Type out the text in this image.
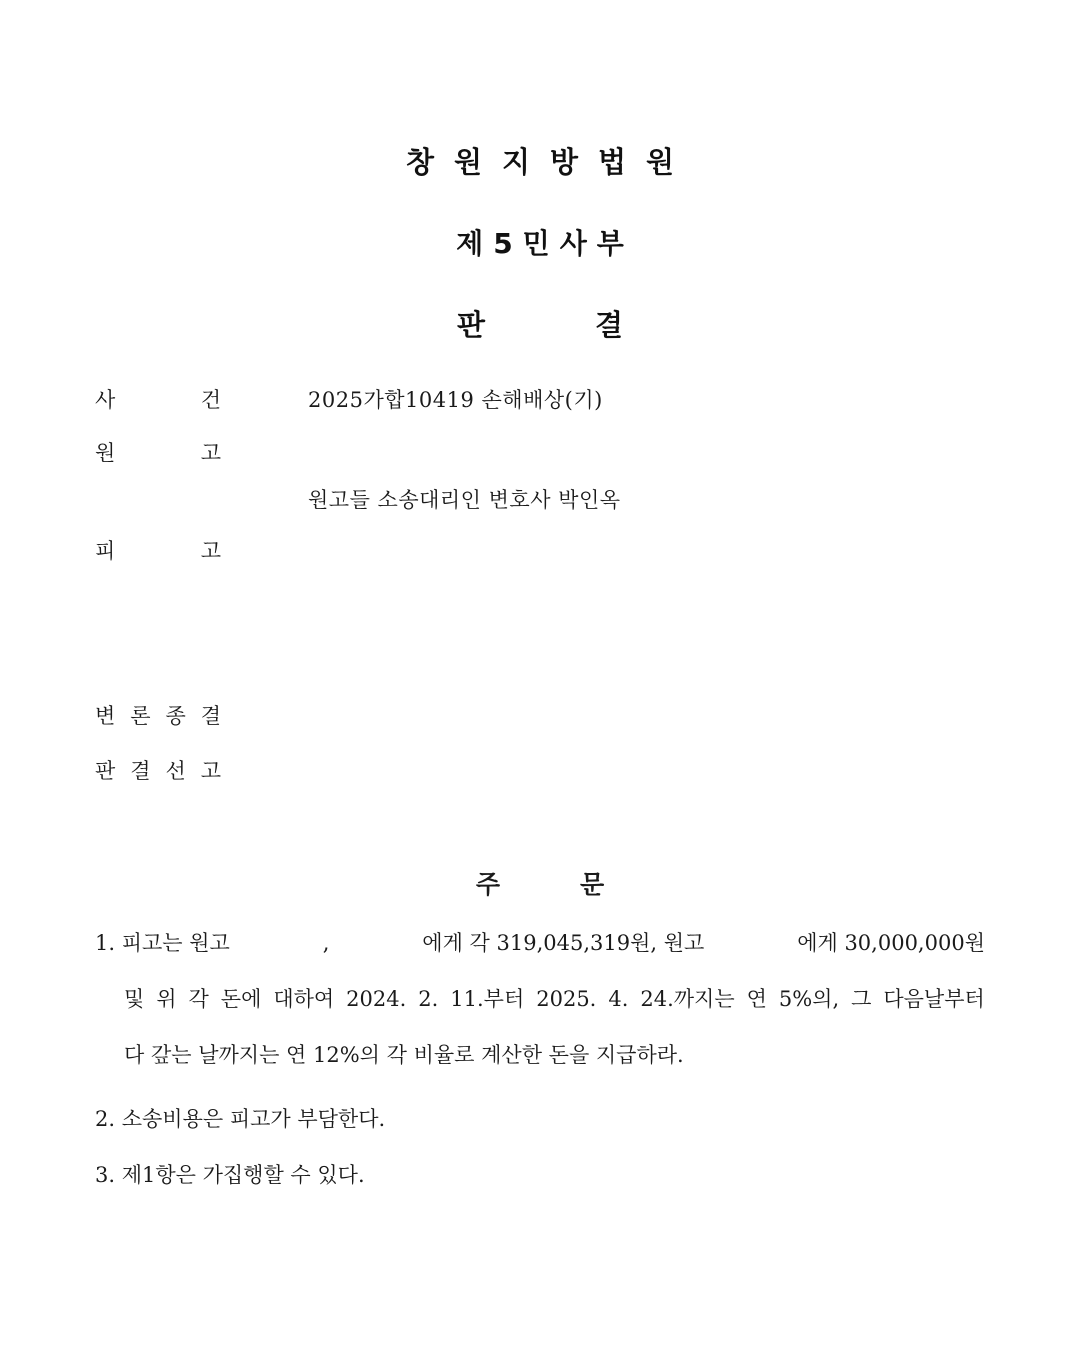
창원지방법원
제5민사부
판결
사	건	2025가합10419 손해배상(기)
원	고
원고들 소송대리인 변호사 박인옥
피	고
변 론 종 결
판 결 선 고
주문
1. 피고는 원고	,	에게 각 319,045,319원, 원고	에게 30,000,000원
및 위 각 돈에 대하여 2024. 2. 11.부터 2025. 4. 24.까지는 연 5%의, 그 다음날부터
다 갚는 날까지는 연 12%의 각 비율로 계산한 돈을 지급하라.
2. 소송비용은 피고가 부담한다.
3. 제1항은 가집행할 수 있다.
